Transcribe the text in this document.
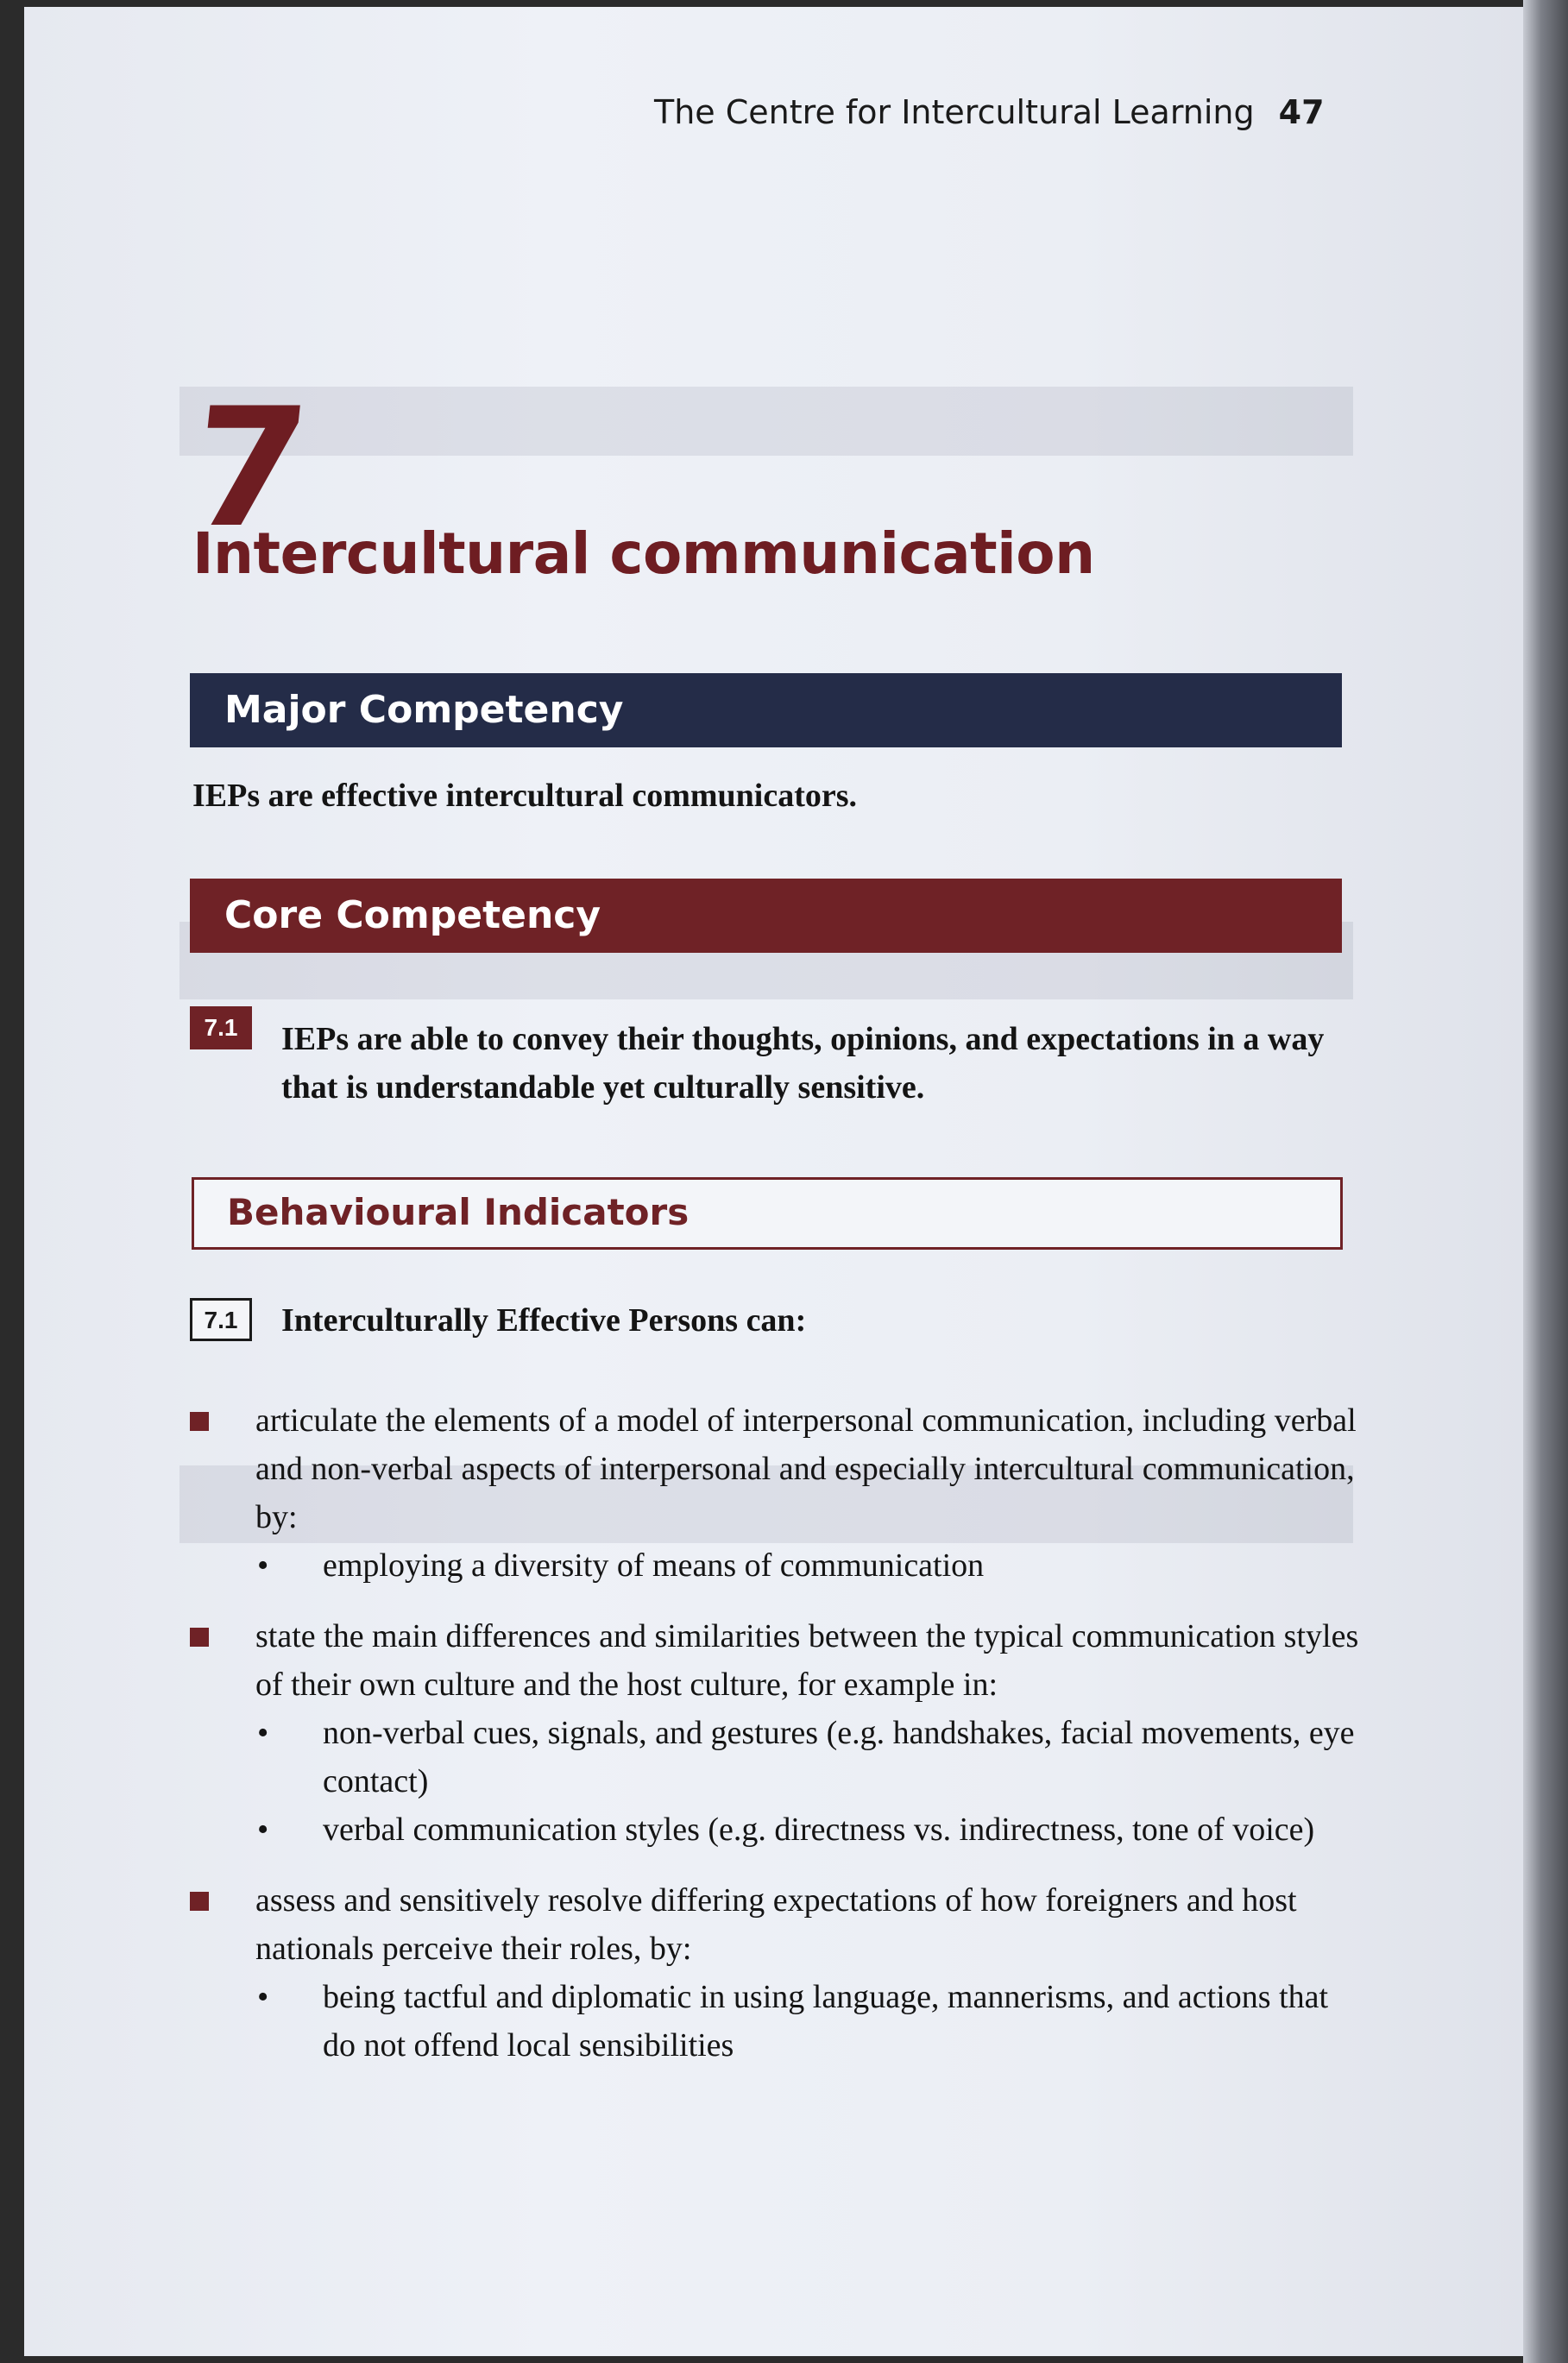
The Centre for Intercultural Learning 47
7
Intercultural communication
Major Competency
IEPs are effective intercultural communicators.
Core Competency
7.1	IEPs are able to convey their thoughts, opinions, and expectations in a way that is understandable yet culturally sensitive.
Behavioural Indicators
7.1	Interculturally Effective Persons can:
articulate the elements of a model of interpersonal communication, including verbal and non-verbal aspects of interpersonal and especially intercultural communication, by:
• employing a diversity of means of communication
state the main differences and similarities between the typical communication styles of their own culture and the host culture, for example in:
• non-verbal cues, signals, and gestures (e.g. handshakes, facial movements, eye contact)
• verbal communication styles (e.g. directness vs. indirectness, tone of voice)
assess and sensitively resolve differing expectations of how foreigners and host nationals perceive their roles, by:
• being tactful and diplomatic in using language, mannerisms, and actions that do not offend local sensibilities
